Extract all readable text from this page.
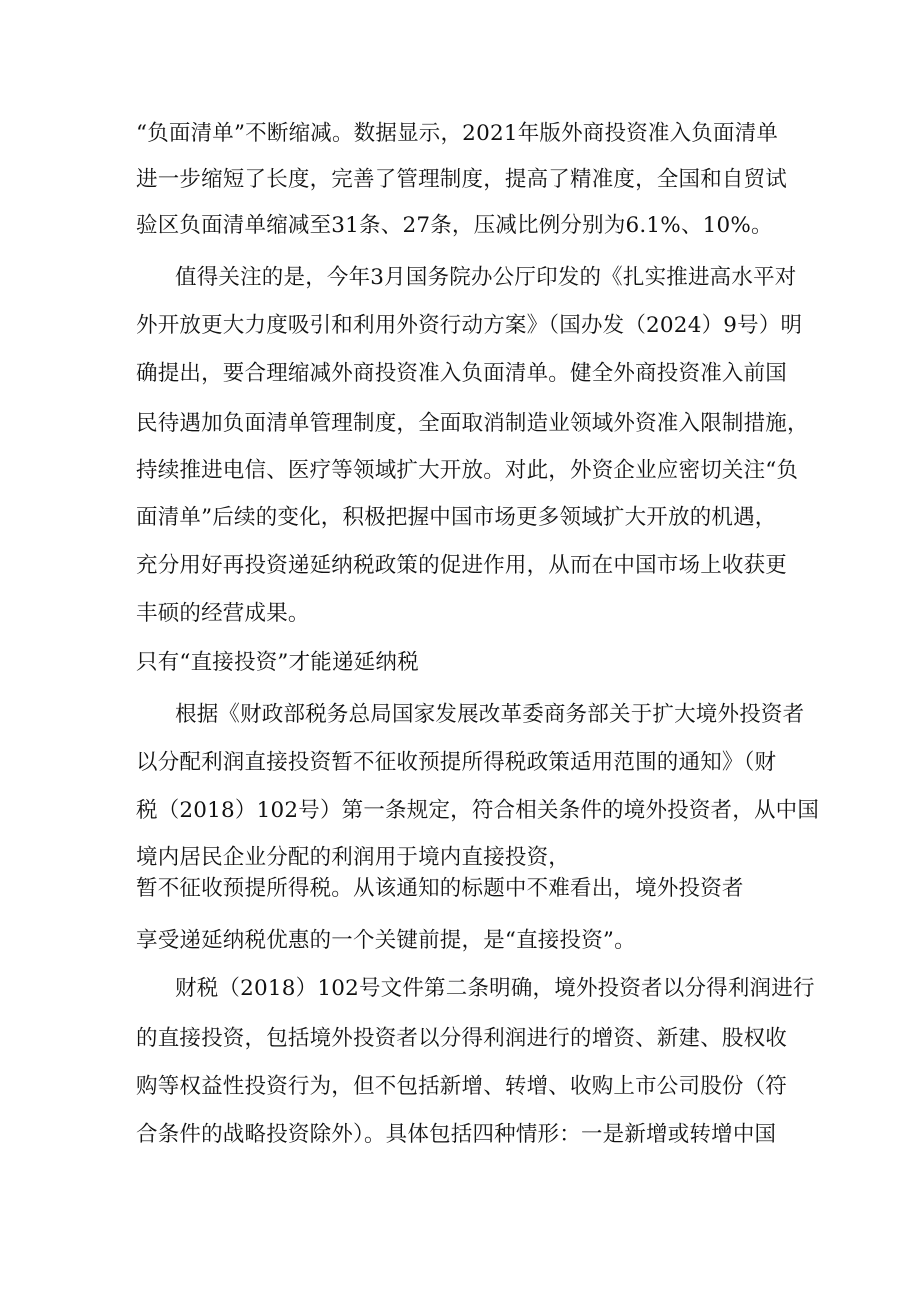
“负面清单”不断缩减。数据显示，2021年版外商投资准入负面清单
进一步缩短了长度，完善了管理制度，提高了精准度，全国和自贸试
验区负面清单缩减至31条、27条，压减比例分别为6.1%、10%。
值得关注的是，今年3月国务院办公厅印发的《扎实推进高水平对
外开放更大力度吸引和利用外资行动方案》（国办发（2024）9号）明
确提出，要合理缩减外商投资准入负面清单。健全外商投资准入前国
民待遇加负面清单管理制度，全面取消制造业领域外资准入限制措施，
持续推进电信、医疗等领域扩大开放。对此，外资企业应密切关注“负
面清单”后续的变化，积极把握中国市场更多领域扩大开放的机遇，
充分用好再投资递延纳税政策的促进作用，从而在中国市场上收获更
丰硕的经营成果。
只有“直接投资”才能递延纳税
根据《财政部税务总局国家发展改革委商务部关于扩大境外投资者
以分配利润直接投资暂不征收预提所得税政策适用范围的通知》（财
税（2018）102号）第一条规定，符合相关条件的境外投资者，从中国
境内居民企业分配的利润用于境内直接投资，
暂不征收预提所得税。从该通知的标题中不难看出，境外投资者
享受递延纳税优惠的一个关键前提，是“直接投资”。
财税（2018）102号文件第二条明确，境外投资者以分得利润进行
的直接投资，包括境外投资者以分得利润进行的增资、新建、股权收
购等权益性投资行为，但不包括新增、转增、收购上市公司股份（符
合条件的战略投资除外）。具体包括四种情形：一是新增或转增中国
